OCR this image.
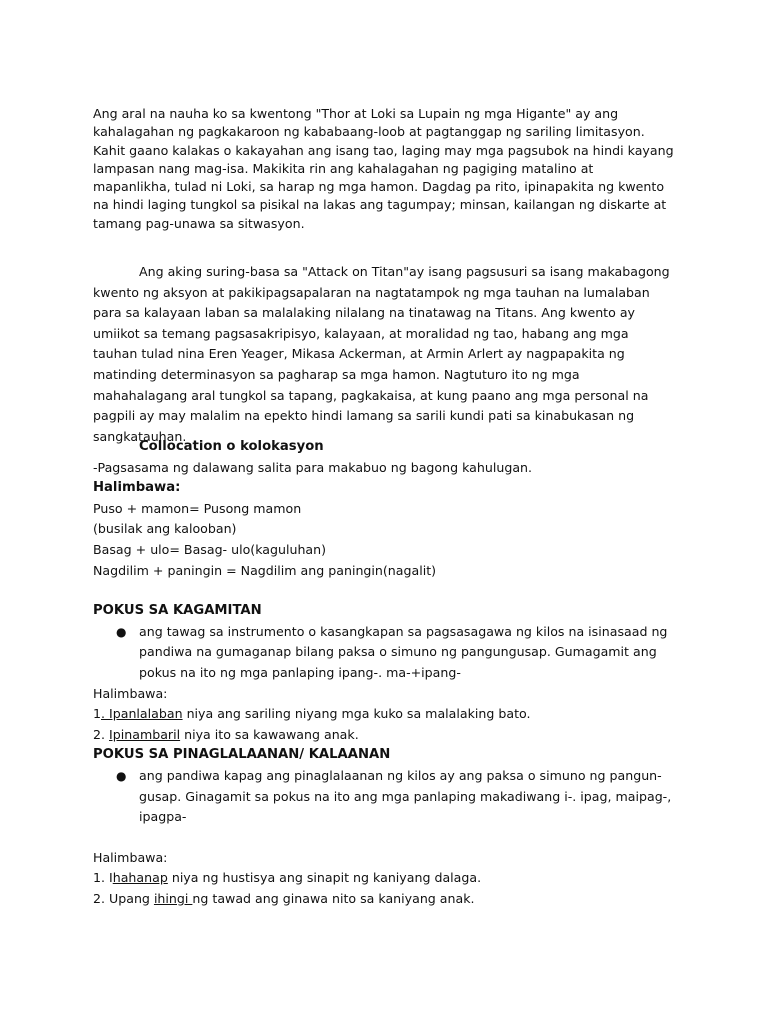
Ang aral na nauha ko sa kwentong "Thor at Loki sa Lupain ng mga Higante" ay ang kahalagahan ng pagkakaroon ng kababaang-loob at pagtanggap ng sariling limitasyon. Kahit gaano kalakas o kakayahan ang isang tao, laging may mga pagsubok na hindi kayang lampasan nang mag-isa. Makikita rin ang kahalagahan ng pagiging matalino at mapanlikha, tulad ni Loki, sa harap ng mga hamon. Dagdag pa rito, ipinapakita ng kwento na hindi laging tungkol sa pisikal na lakas ang tagumpay; minsan, kailangan ng diskarte at tamang pag-unawa sa sitwasyon.

Ang aking suring-basa sa "Attack on Titan"ay isang pagsusuri sa isang makabagong kwento ng aksyon at pakikipagsapalaran na nagtatampok ng mga tauhan na lumalaban para sa kalayaan laban sa malalaking nilalang na tinatawag na Titans. Ang kwento ay umiikot sa temang pagsasakripisyo, kalayaan, at moralidad ng tao, habang ang mga tauhan tulad nina Eren Yeager, Mikasa Ackerman, at Armin Arlert ay nagpapakita ng matinding determinasyon sa pagharap sa mga hamon. Nagtuturo ito ng mga mahahalagang aral tungkol sa tapang, pagkakaisa, at kung paano ang mga personal na pagpili ay may malalim na epekto hindi lamang sa sarili kundi pati sa kinabukasan ng sangkatauhan.

Collocation o kolokasyon

-Pagsasama ng dalawang salita para makabuo ng bagong kahulugan.

Halimbawa:

Puso + mamon= Pusong mamon

(busilak ang kalooban)

Basag + ulo= Basag- ulo(kaguluhan)

Nagdilim + paningin = Nagdilim ang paningin(nagalit)

POKUS SA KAGAMITAN

● ang tawag sa instrumento o kasangkapan sa pagsasagawa ng kilos na isinasaad ng pandiwa na gumaganap bilang paksa o simuno ng pangungusap. Gumagamit ang pokus na ito ng mga panlaping ipang-. ma-+ipang-

Halimbawa:

1. Ipanlalaban niya ang sariling niyang mga kuko sa malalaking bato.

2. Ipinambaril niya ito sa kawawang anak.

POKUS SA PINAGLALAANAN/ KALAANAN

● ang pandiwa kapag ang pinaglalaanan ng kilos ay ang paksa o simuno ng pangungusap. Ginagamit sa pokus na ito ang mga panlaping makadiwang i-. ipag, maipag-, ipagpa-

Halimbawa:

1. Ihahanap niya ng hustisya ang sinapit ng kaniyang dalaga.

2. Upang ihingi ng tawad ang ginawa nito sa kaniyang anak.
